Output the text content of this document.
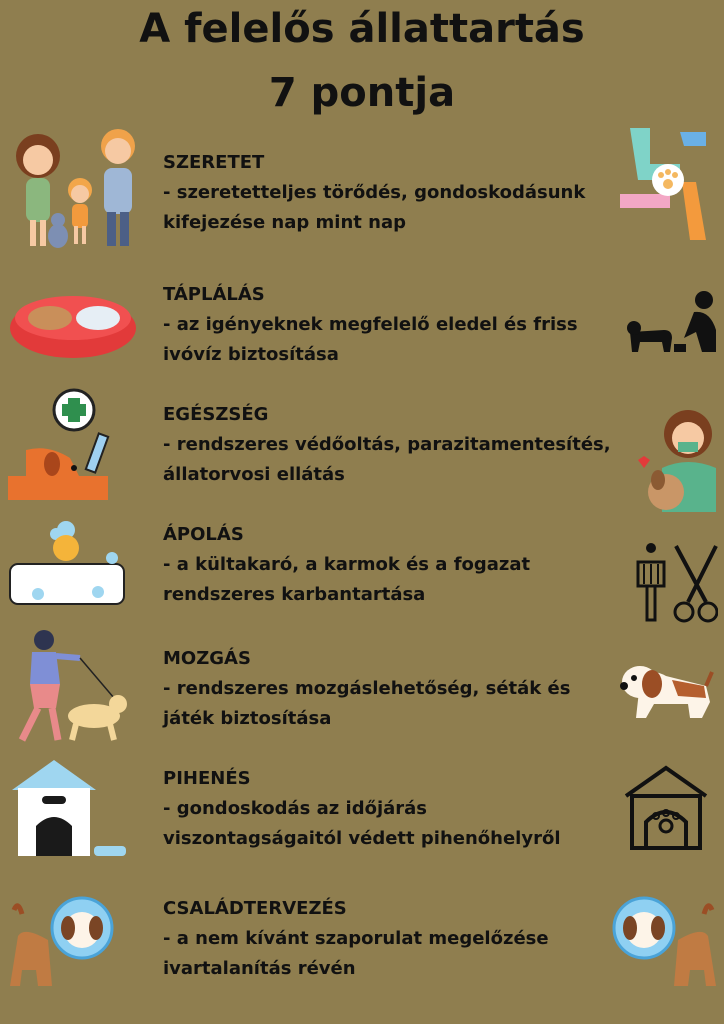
A felelős állattartás
7 pontja
SZERETET
- szeretetteljes törődés, gondoskodásunk
kifejezése nap mint nap
TÁPLÁLÁS
- az igényeknek megfelelő eledel és friss
ivóvíz biztosítása
EGÉSZSÉG
- rendszeres védőoltás, parazitamentesítés,
állatorvosi ellátás
ÁPOLÁS
- a kültakaró, a karmok és a fogazat
rendszeres karbantartása
MOZGÁS
- rendszeres mozgáslehetőség, séták és
játék biztosítása
PIHENÉS
- gondoskodás az időjárás
viszontagságaitól védett pihenőhelyről
CSALÁDTERVEZÉS
- a nem kívánt szaporulat megelőzése
ivartalanítás révén
